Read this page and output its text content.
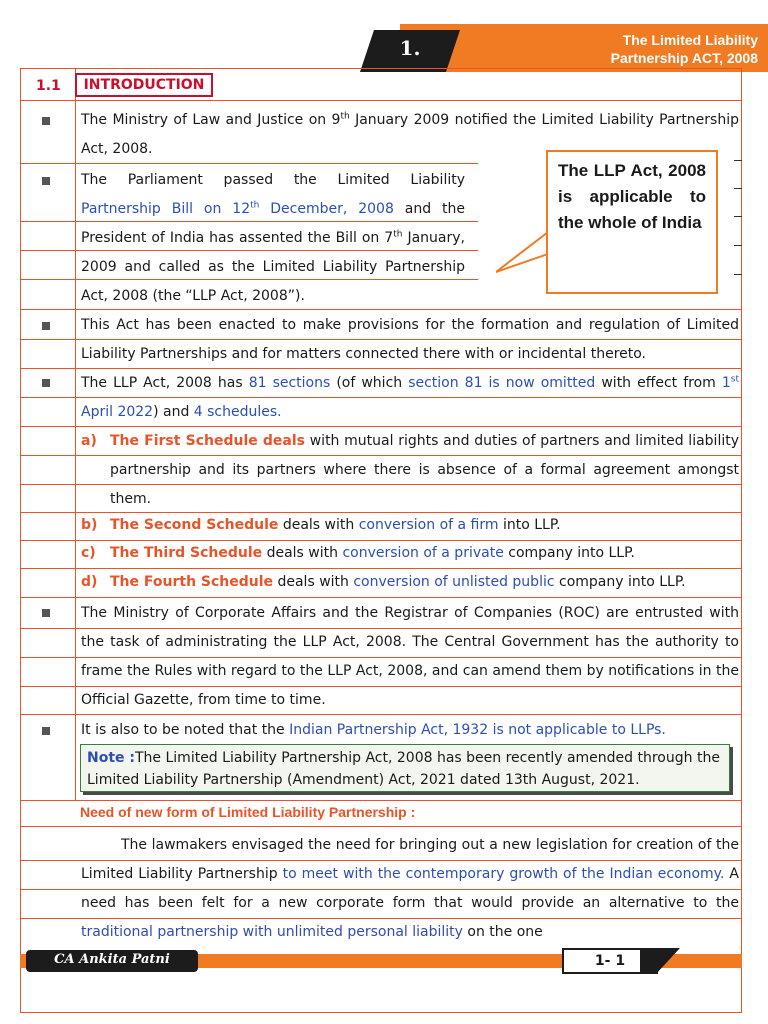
1.	The Limited Liability
Partnership ACT, 2008
1.1	INTRODUCTION
The Ministry of Law and Justice on 9th January 2009 notified the Limited Liability Partnership Act, 2008.
The Parliament passed the Limited Liability Partnership Bill on 12th December, 2008 and the President of India has assented the Bill on 7th January, 2009 and called as the Limited Liability Partnership Act, 2008 (the “LLP Act, 2008”).
The LLP Act, 2008 is applicable to the whole of India
This Act has been enacted to make provisions for the formation and regulation of Limited Liability Partnerships and for matters connected there with or incidental thereto.
The LLP Act, 2008 has 81 sections (of which section 81 is now omitted with effect from 1st April 2022) and 4 schedules.
a) The First Schedule deals with mutual rights and duties of partners and limited liability partnership and its partners where there is absence of a formal agreement amongst them.
b) The Second Schedule deals with conversion of a firm into LLP.
c) The Third Schedule deals with conversion of a private company into LLP.
d) The Fourth Schedule deals with conversion of unlisted public company into LLP.
The Ministry of Corporate Affairs and the Registrar of Companies (ROC) are entrusted with the task of administrating the LLP Act, 2008. The Central Government has the authority to frame the Rules with regard to the LLP Act, 2008, and can amend them by notifications in the Official Gazette, from time to time.
It is also to be noted that the Indian Partnership Act, 1932 is not applicable to LLPs.
Note :The Limited Liability Partnership Act, 2008 has been recently amended through the Limited Liability Partnership (Amendment) Act, 2021 dated 13th August, 2021.
Need of new form of Limited Liability Partnership :
The lawmakers envisaged the need for bringing out a new legislation for creation of the Limited Liability Partnership to meet with the contemporary growth of the Indian economy. A need has been felt for a new corporate form that would provide an alternative to the traditional partnership with unlimited personal liability on the one
CA Ankita Patni	1- 1
